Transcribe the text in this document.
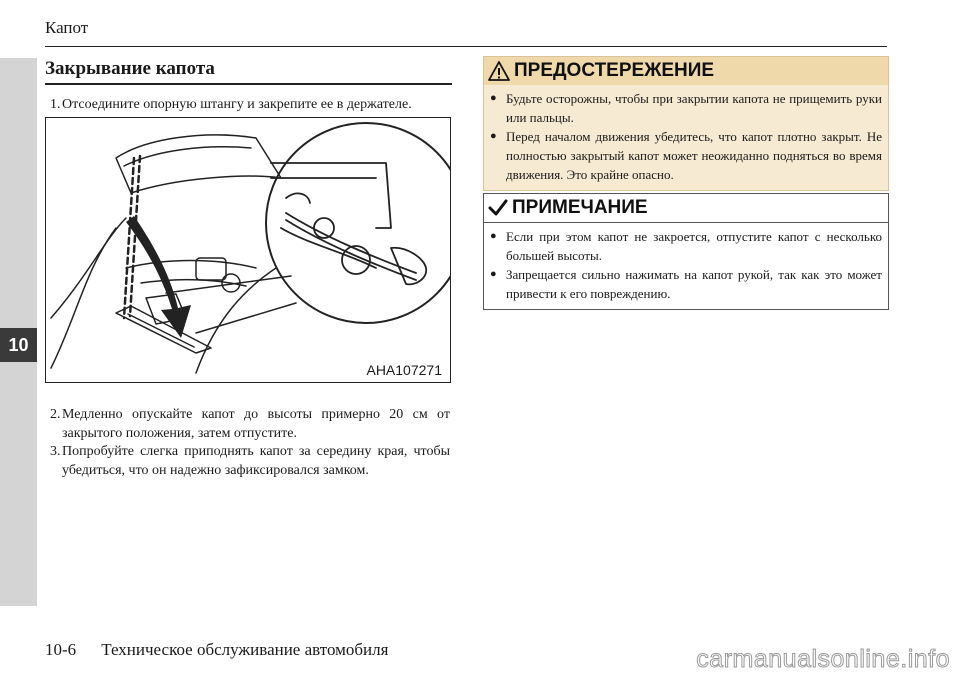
10
Капот
Закрывание капота
1. Отсоедините опорную штангу и закрепите ее в держателе.
AHA107271
2. Медленно опускайте капот до высоты примерно 20 см от закрытого положения, затем отпустите.
3. Попробуйте слегка приподнять капот за середину края, чтобы убедиться, что он надежно зафиксировался замком.
ПРЕДОСТЕРЕЖЕНИЕ
● Будьте осторожны, чтобы при закрытии капота не прищемить руки или пальцы.
● Перед началом движения убедитесь, что капот плотно закрыт. Не полностью закрытый капот может неожиданно подняться во время движения. Это крайне опасно.
ПРИМЕЧАНИЕ
● Если при этом капот не закроется, отпустите капот с несколько большей высоты.
● Запрещается сильно нажимать на капот рукой, так как это может привести к его повреждению.
10-6 Техническое обслуживание автомобиля	carmanualsonline.info
